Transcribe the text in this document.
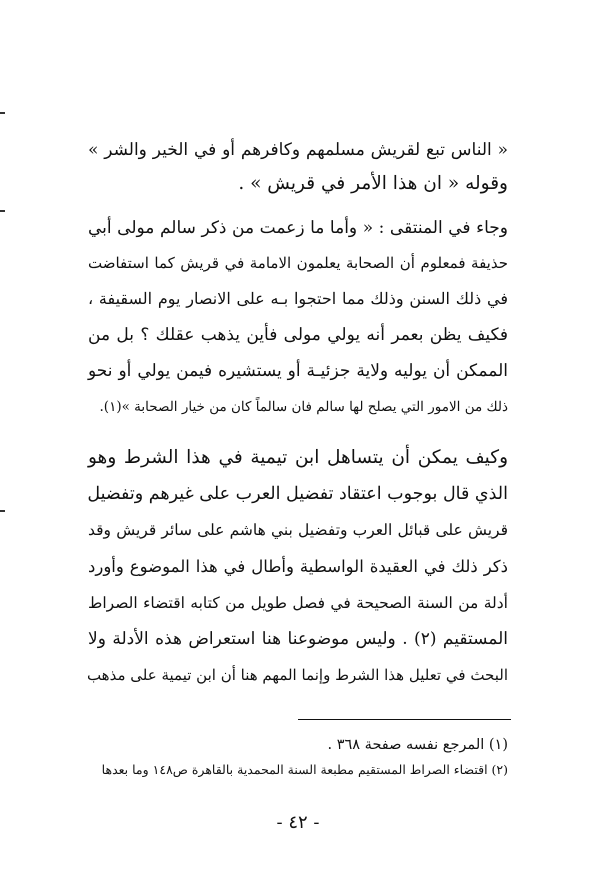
« الناس تبع لقريش مسلمهم وكافرهم أو في الخير والشر »
وقوله « ان هذا الأمر في قريش » .
وجاء في المنتقى : « وأما ما زعمت من ذكر سالم مولى أبي
حذيفة فمعلوم أن الصحابة يعلمون الامامة في قريش كما استفاضت
في ذلك السنن وذلك مما احتجوا بـه على الانصار يوم السقيفة ،
فكيف يظن بعمر أنه يولي مولى فأين يذهب عقلك ؟ بل من
الممكن أن يوليه ولاية جزئيـة أو يستشيره فيمن يولي أو نحو
ذلك من الامور التي يصلح لها سالم فان سالماً كان من خيار الصحابة »(١).
وكيف يمكن أن يتساهل ابن تيمية في هذا الشرط وهو
الذي قال بوجوب اعتقاد تفضيل العرب على غيرهم وتفضيل
قريش على قبائل العرب وتفضيل بني هاشم على سائر قريش وقد
ذكر ذلك في العقيدة الواسطية وأطال في هذا الموضوع وأورد
أدلة من السنة الصحيحة في فصل طويل من كتابه اقتضاء الصراط
المستقيم (٢) . وليس موضوعنا هنا استعراض هذه الأدلة ولا
البحث في تعليل هذا الشرط وإنما المهم هنا أن ابن تيمية على مذهب
(١) المرجع نفسه صفحة ٣٦٨ .
(٢) اقتضاء الصراط المستقيم مطبعة السنة المحمدية بالقاهرة ص١٤٨ وما بعدها
- ٤٢ -
